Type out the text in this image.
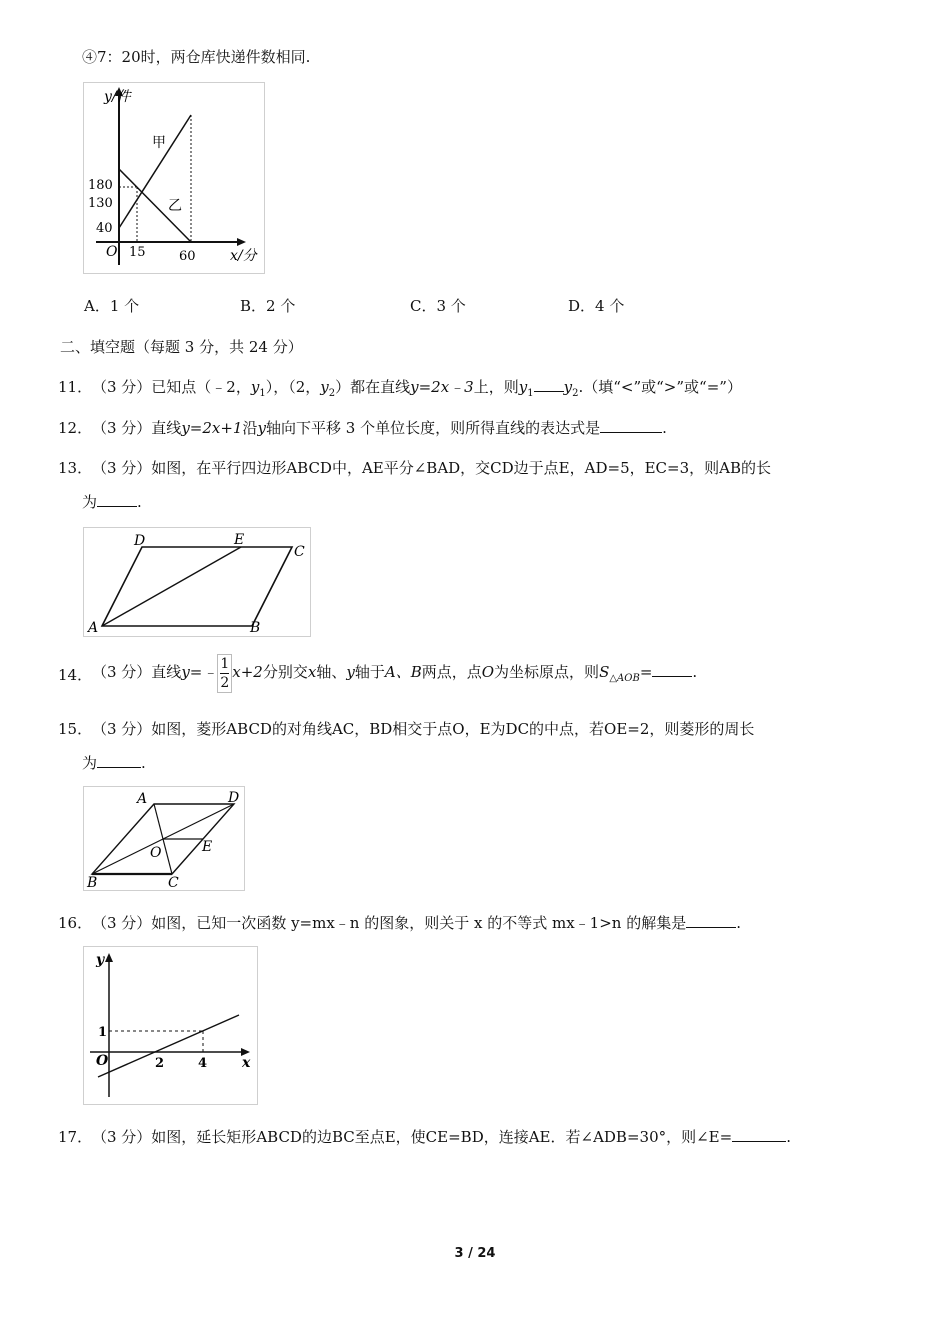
④7：20时，两仓库快递件数相同.
y/件
x/分
O
甲
乙
180
130
40
15	60
A．1 个	B．2 个	C．3 个	D．4 个
二、填空题（每题 3 分，共 24 分）
11． （3 分）已知点（﹣2，$y_1$），（2，$y_2$）都在直线y=2x﹣3上，则$y_1$ $y_2$.（填“<”或“>”或“=”）
12． （3 分）直线y=2x+1沿y轴向下平移 3 个单位长度，则所得直线的表达式是	.
13． （3 分）如图，在平行四边形ABCD中，AE平分∠BAD，交CD边于点E，AD=5，EC=3，则AB的长
为	.
A	B
C
D	E
14． （3 分）直线y=﹣ $\frac{1}{2}x+2$分别交x轴、y轴于A、B两点，点O为坐标原点，则$S_{\triangle AOB}=$	.
15． （3 分）如图，菱形ABCD的对角线AC，BD相交于点O，E为DC的中点，若OE=2，则菱形的周长
为	.
A
B	C
D
E
O
16． （3 分）如图，已知一次函数 y=mx﹣n 的图象，则关于 x 的不等式 mx﹣1>n 的解集是	.
y
x
O
1
2	4
17． （3 分）如图，延长矩形ABCD的边BC至点E，使CE=BD，连接AE．若∠ADB=30°，则∠E=	.
3 / 24
